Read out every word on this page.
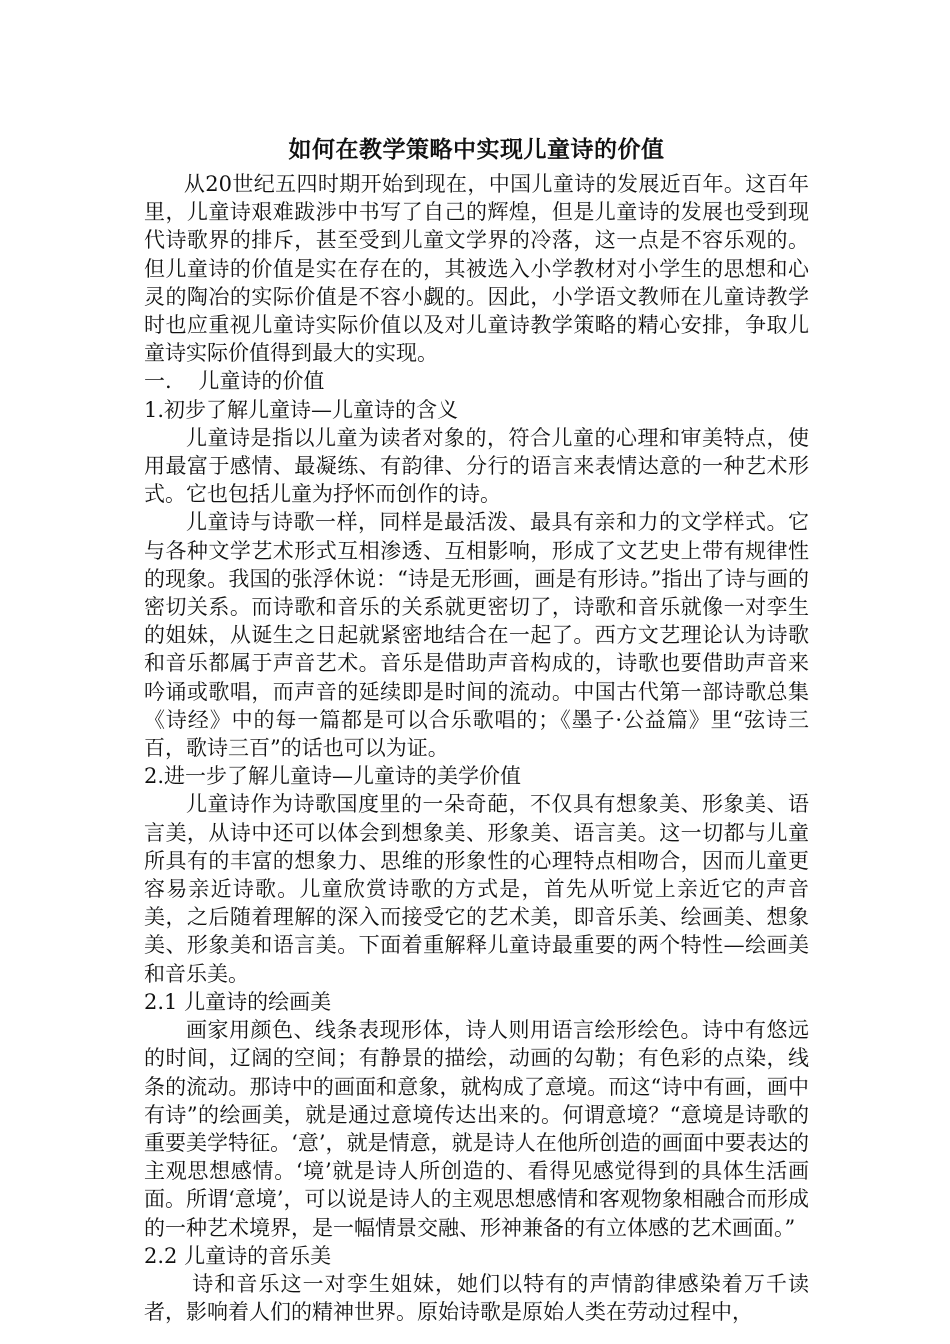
如何在教学策略中实现儿童诗的价值

从20世纪五四时期开始到现在，中国儿童诗的发展近百年。这百年里，儿童诗艰难跋涉中书写了自己的辉煌，但是儿童诗的发展也受到现代诗歌界的排斥，甚至受到儿童文学界的冷落，这一点是不容乐观的。但儿童诗的价值是实在存在的，其被选入小学教材对小学生的思想和心灵的陶冶的实际价值是不容小觑的。因此，小学语文教师在儿童诗教学时也应重视儿童诗实际价值以及对儿童诗教学策略的精心安排，争取儿童诗实际价值得到最大的实现。

一.    儿童诗的价值

1.初步了解儿童诗—儿童诗的含义

儿童诗是指以儿童为读者对象的，符合儿童的心理和审美特点，使用最富于感情、最凝练、有韵律、分行的语言来表情达意的一种艺术形式。它也包括儿童为抒怀而创作的诗。

儿童诗与诗歌一样，同样是最活泼、最具有亲和力的文学样式。它与各种文学艺术形式互相渗透、互相影响，形成了文艺史上带有规律性的现象。我国的张浮休说：“诗是无形画，画是有形诗。”指出了诗与画的密切关系。而诗歌和音乐的关系就更密切了，诗歌和音乐就像一对孪生的姐妹，从诞生之日起就紧密地结合在一起了。西方文艺理论认为诗歌和音乐都属于声音艺术。音乐是借助声音构成的，诗歌也要借助声音来吟诵或歌唱，而声音的延续即是时间的流动。中国古代第一部诗歌总集《诗经》中的每一篇都是可以合乐歌唱的；《墨子·公益篇》里“弦诗三百，歌诗三百”的话也可以为证。

2.进一步了解儿童诗—儿童诗的美学价值

儿童诗作为诗歌国度里的一朵奇葩，不仅具有想象美、形象美、语言美，从诗中还可以体会到想象美、形象美、语言美。这一切都与儿童所具有的丰富的想象力、思维的形象性的心理特点相吻合，因而儿童更容易亲近诗歌。儿童欣赏诗歌的方式是，首先从听觉上亲近它的声音美，之后随着理解的深入而接受它的艺术美，即音乐美、绘画美、想象美、形象美和语言美。下面着重解释儿童诗最重要的两个特性—绘画美和音乐美。

2.1 儿童诗的绘画美

画家用颜色、线条表现形体，诗人则用语言绘形绘色。诗中有悠远的时间，辽阔的空间；有静景的描绘，动画的勾勒；有色彩的点染，线条的流动。那诗中的画面和意象，就构成了意境。而这“诗中有画，画中有诗”的绘画美，就是通过意境传达出来的。何谓意境？“意境是诗歌的重要美学特征。‘意’，就是情意，就是诗人在他所创造的画面中要表达的主观思想感情。‘境’就是诗人所创造的、看得见感觉得到的具体生活画面。所谓‘意境’，可以说是诗人的主观思想感情和客观物象相融合而形成的一种艺术境界，是一幅情景交融、形神兼备的有立体感的艺术画面。”

2.2 儿童诗的音乐美

诗和音乐这一对孪生姐妹，她们以特有的声情韵律感染着万千读者，影响着人们的精神世界。原始诗歌是原始人类在劳动过程中，
